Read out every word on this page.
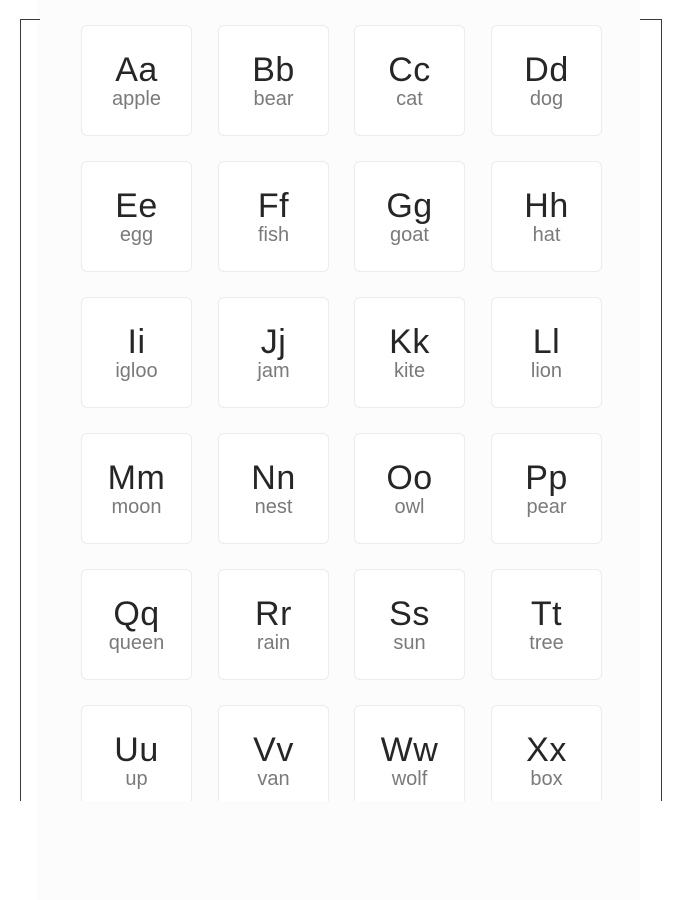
Aa
apple
Bb
bear
Cc
cat
Dd
dog
Ee
egg
Ff
fish
Gg
goat
Hh
hat
Ii
igloo
Jj
jam
Kk
kite
Ll
lion
Mm
moon
Nn
nest
Oo
owl
Pp
pear
Qq
queen
Rr
rain
Ss
sun
Tt
tree
Uu
up
Vv
van
Ww
wolf
Xx
box
